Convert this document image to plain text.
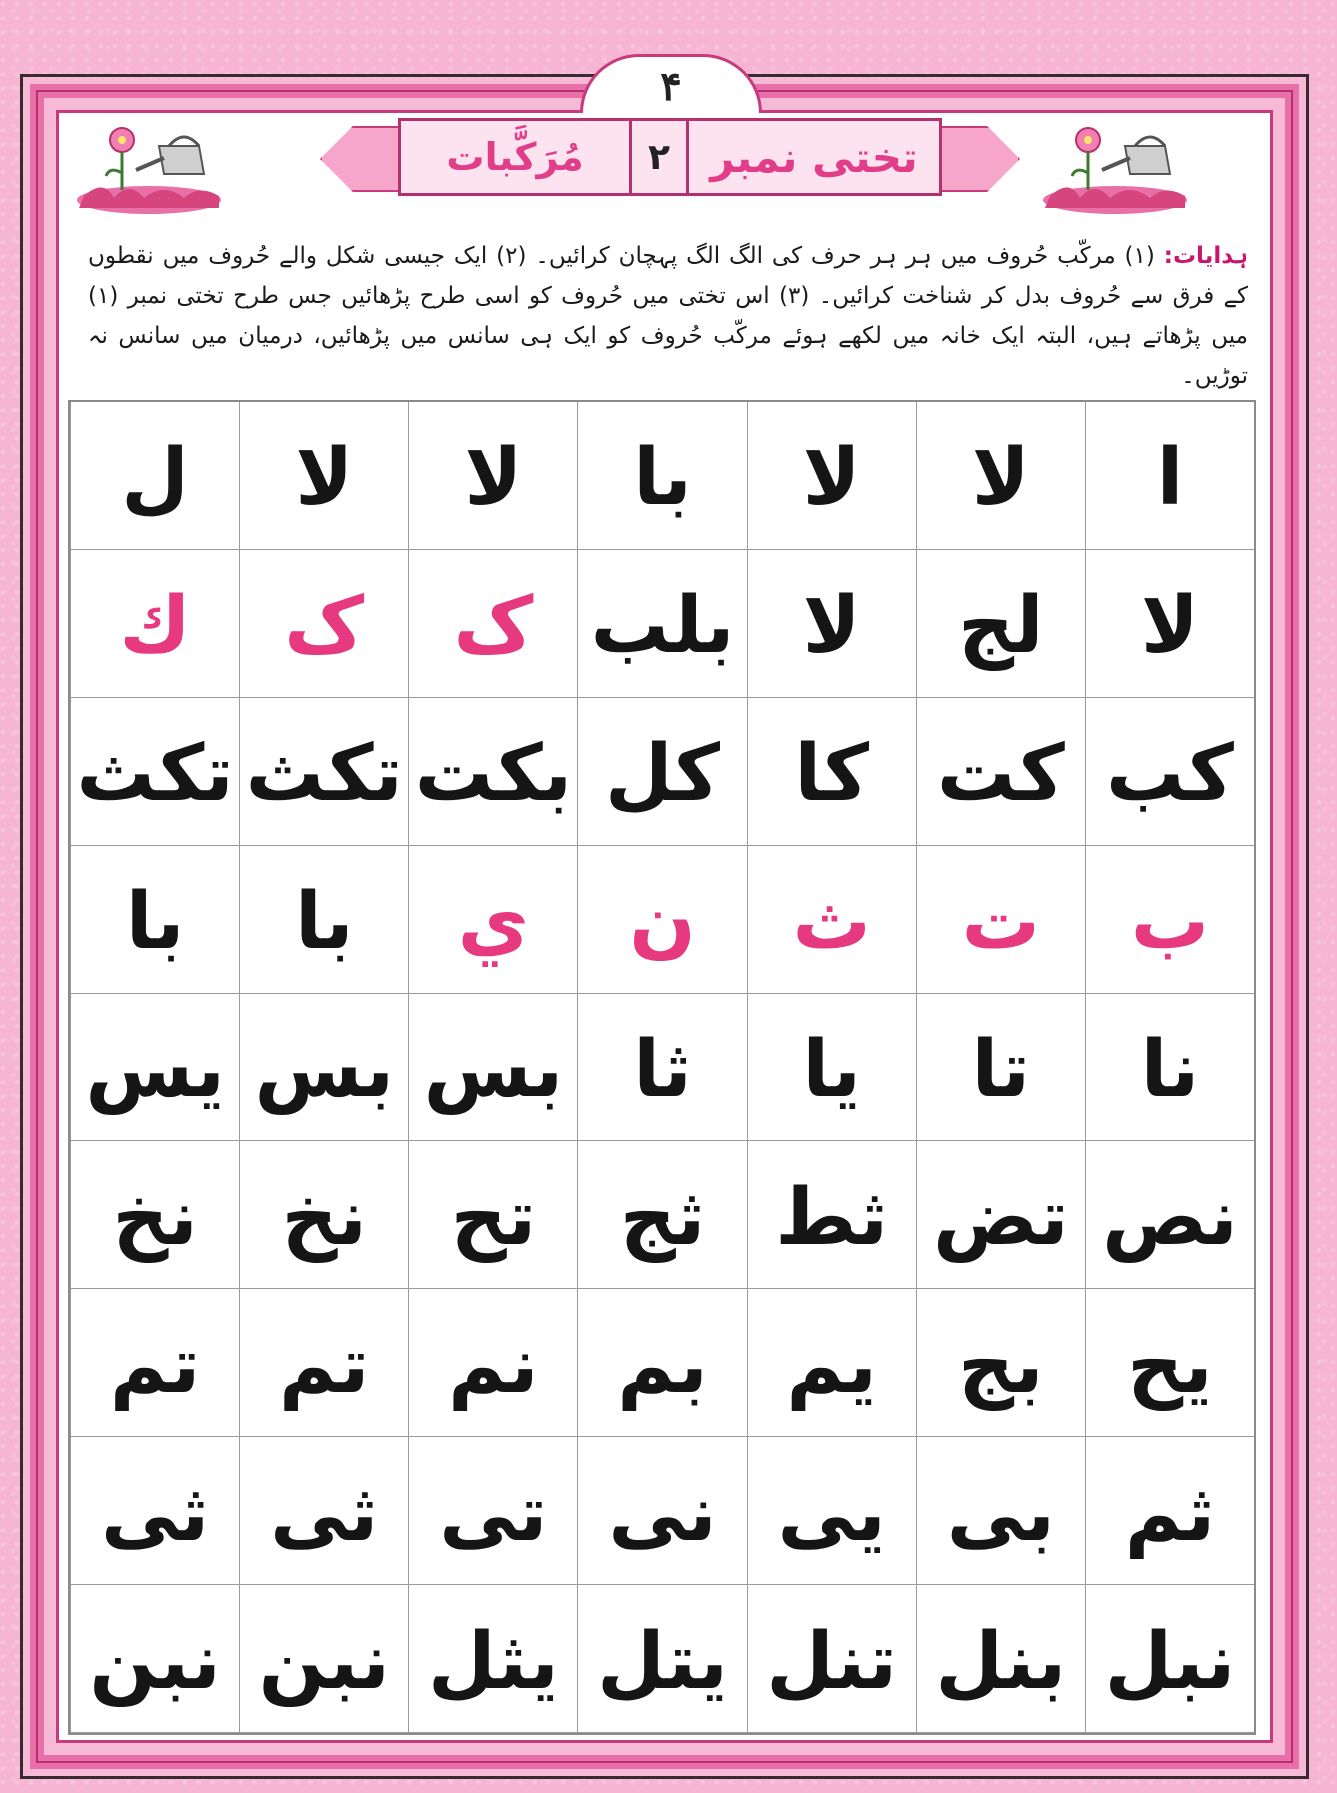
۴
تختی نمبر
۲
مُرَکَّبات
ہدایات: (۱) مرکّب حُروف میں ہر ہر حرف کی الگ الگ پہچان کرائیں۔ (۲) ایک جیسی شکل والے حُروف میں نقطوں کے فرق سے حُروف بدل کر شناخت کرائیں۔ (۳) اس تختی میں حُروف کو اسی طرح پڑھائیں جس طرح تختی نمبر (۱) میں پڑھاتے ہیں، البتہ ایک خانہ میں لکھے ہوئے مرکّب حُروف کو ایک ہی سانس میں پڑھائیں، درمیان میں سانس نہ توڑیں۔
ا
لا
لا
با
لا
لا
ل
لا
لج
لا
بلب
ک
ک
ك
کب
کت
کا
کل
بکت
تکث
تکث
ب
ت
ث
ن
ي
با
با
نا
تا
یا
ثا
بس
بس
یس
نص
تض
ثط
ثج
تح
نخ
نخ
یح
بج
یم
بم
نم
تم
تم
ثم
بی
یی
نی
تی
ثی
ثی
نبل
بنل
تنل
یتل
یثل
نبن
نبن
